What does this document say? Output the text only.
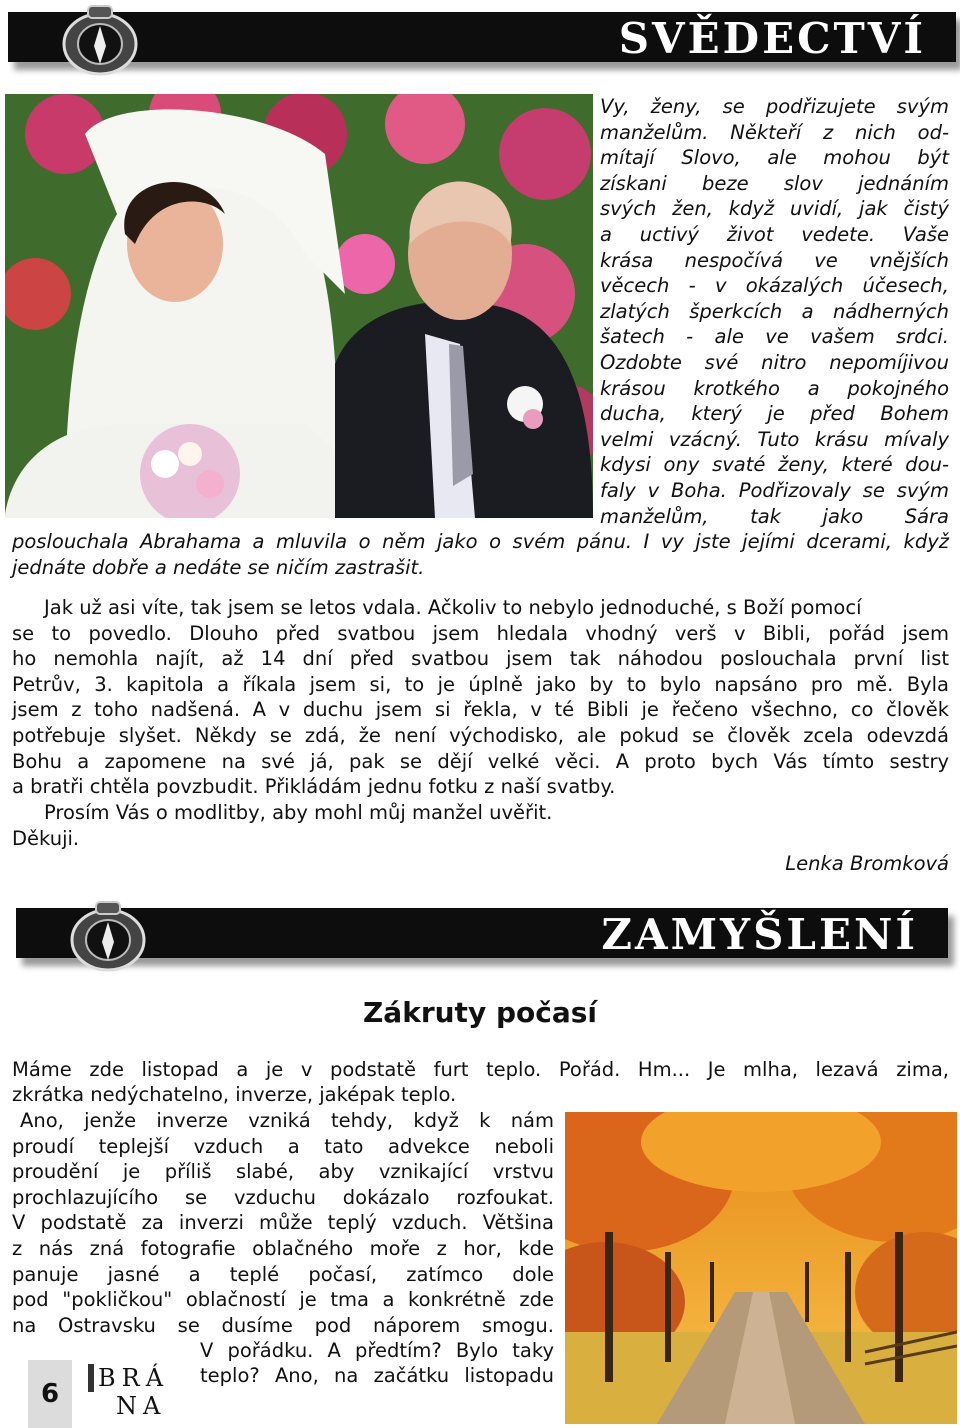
SVĚDECTVÍ
Vy, ženy, se podřizujete svým
manželům. Někteří z nich od-
mítají Slovo, ale mohou být
získani beze slov jednáním
svých žen, když uvidí, jak čistý
a uctivý život vedete. Vaše
krása nespočívá ve vnějších
věcech - v okázalých účesech,
zlatých šperkcích a nádherných
šatech - ale ve vašem srdci.
Ozdobte své nitro nepomíjivou
krásou krotkého a pokojného
ducha, který je před Bohem
velmi vzácný. Tuto krásu mívaly
kdysi ony svaté ženy, které dou-
faly v Boha. Podřizovaly se svým
manželům, tak jako Sára
poslouchala Abrahama a mluvila o něm jako o svém pánu. I vy jste jejími dcerami, když
jednáte dobře a nedáte se ničím zastrašit.
Jak už asi víte, tak jsem se letos vdala. Ačkoliv to nebylo jednoduché, s Boží pomocí
se to povedlo. Dlouho před svatbou jsem hledala vhodný verš v Bibli, pořád jsem
ho nemohla najít, až 14 dní před svatbou jsem tak náhodou poslouchala první list
Petrův, 3. kapitola a říkala jsem si, to je úplně jako by to bylo napsáno pro mě. Byla
jsem z toho nadšená. A v duchu jsem si řekla, v té Bibli je řečeno všechno, co člověk
potřebuje slyšet. Někdy se zdá, že není východisko, ale pokud se člověk zcela odevzdá
Bohu a zapomene na své já, pak se dějí velké věci. A proto bych Vás tímto sestry
a bratři chtěla povzbudit. Přikládám jednu fotku z naší svatby.
Prosím Vás o modlitby, aby mohl můj manžel uvěřit.
Děkuji.
Lenka Bromková
ZAMYŠLENÍ
Zákruty počasí
Máme zde listopad a je v podstatě furt teplo. Pořád. Hm... Je mlha, lezavá zima,
zkrátka nedýchatelno, inverze, jaképak teplo.
Ano, jenže inverze vzniká tehdy, když k nám
proudí teplejší vzduch a tato advekce neboli
proudění je příliš slabé, aby vznikající vrstvu
prochlazujícího se vzduchu dokázalo rozfoukat.
V podstatě za inverzi může teplý vzduch. Většina
z nás zná fotografie oblačného moře z hor, kde
panuje jasné a teplé počasí, zatímco dole
pod "pokličkou" oblačností je tma a konkrétně zde
na Ostravsku se dusíme pod náporem smogu.
V pořádku. A předtím? Bylo taky
teplo? Ano, na začátku listopadu
6
BRÁ
NA
